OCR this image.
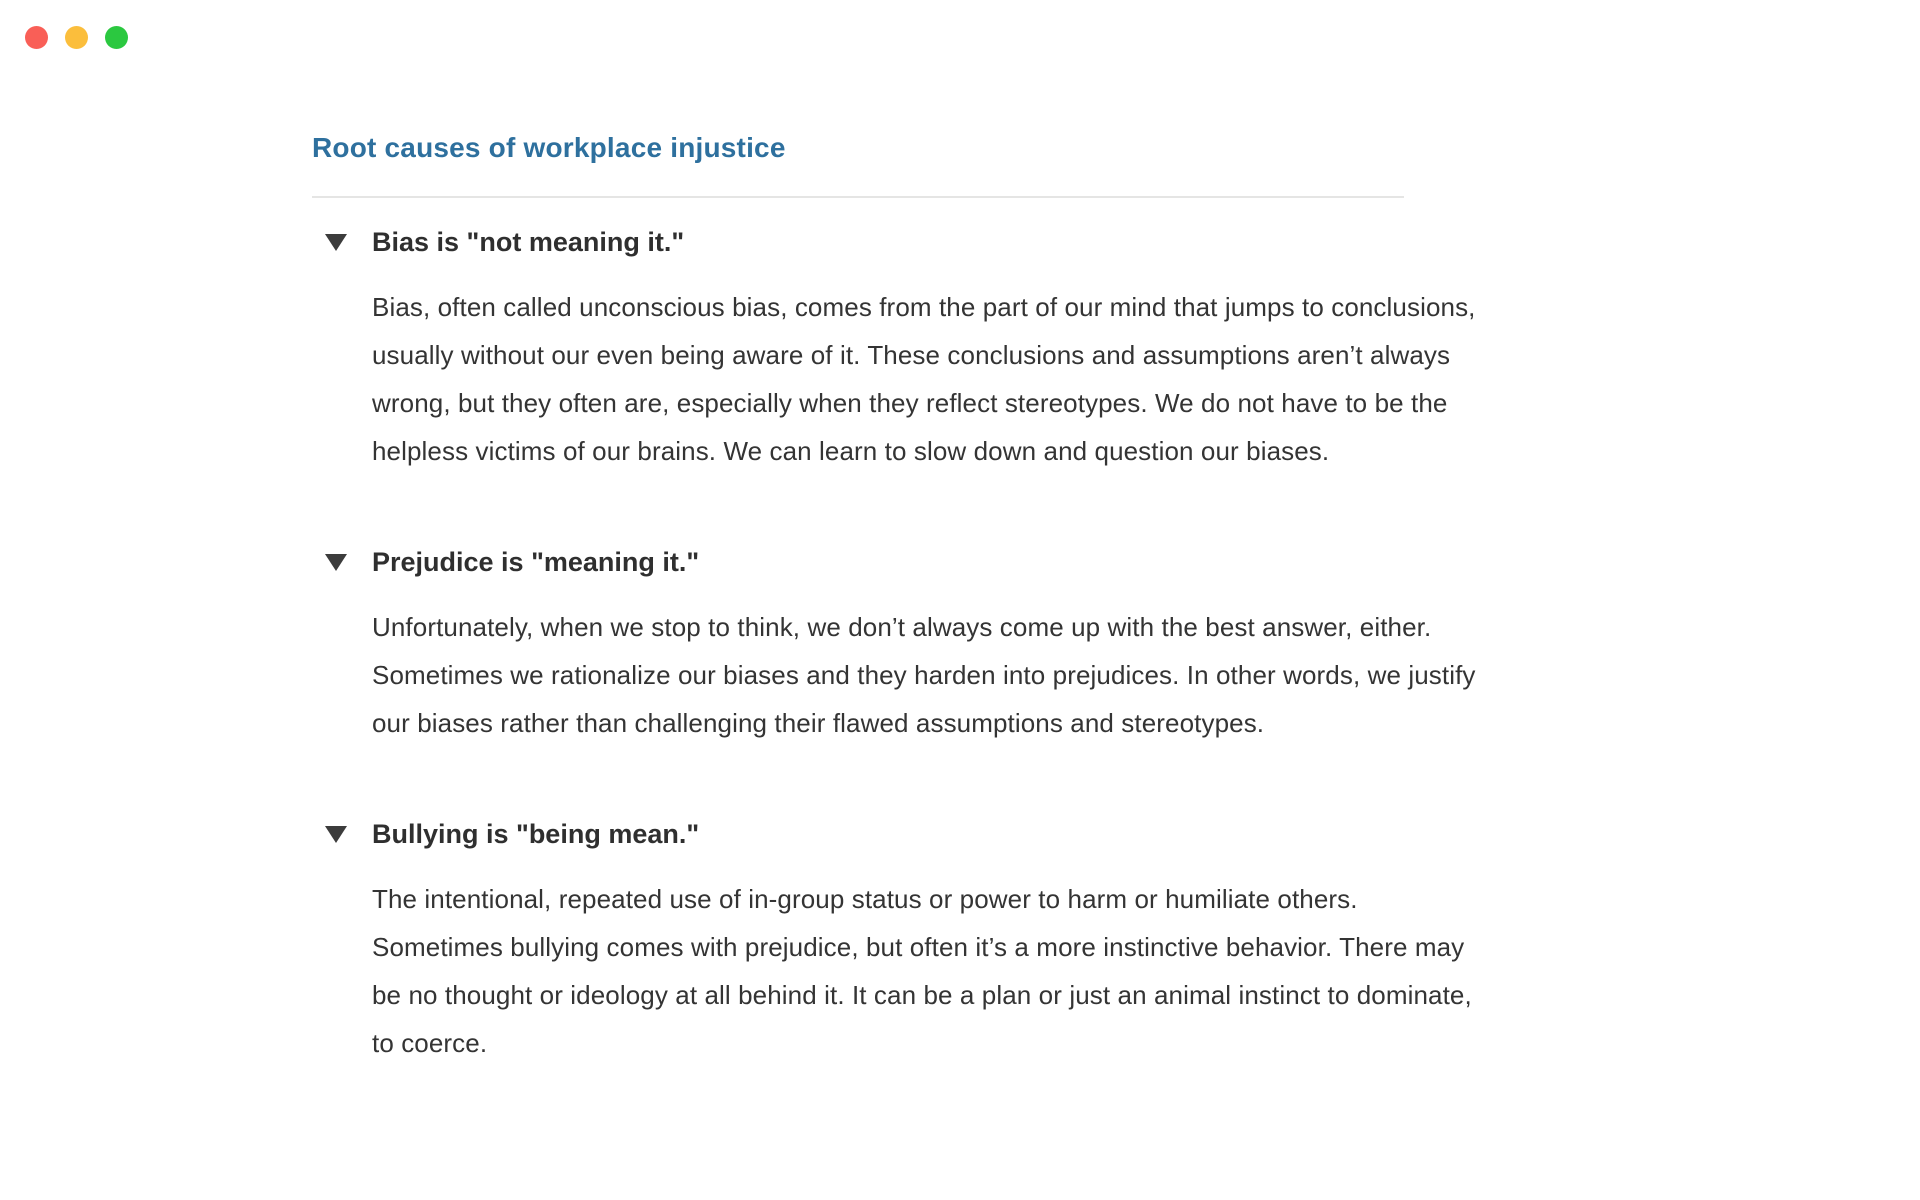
Root causes of workplace injustice
Bias is "not meaning it."
Bias, often called unconscious bias, comes from the part of our mind that jumps to conclusions,
usually without our even being aware of it. These conclusions and assumptions aren’t always
wrong, but they often are, especially when they reflect stereotypes. We do not have to be the
helpless victims of our brains. We can learn to slow down and question our biases.
Prejudice is "meaning it."
Unfortunately, when we stop to think, we don’t always come up with the best answer, either.
Sometimes we rationalize our biases and they harden into prejudices. In other words, we justify
our biases rather than challenging their flawed assumptions and stereotypes.
Bullying is "being mean."
The intentional, repeated use of in-group status or power to harm or humiliate others.
Sometimes bullying comes with prejudice, but often it’s a more instinctive behavior. There may
be no thought or ideology at all behind it. It can be a plan or just an animal instinct to dominate,
to coerce.
